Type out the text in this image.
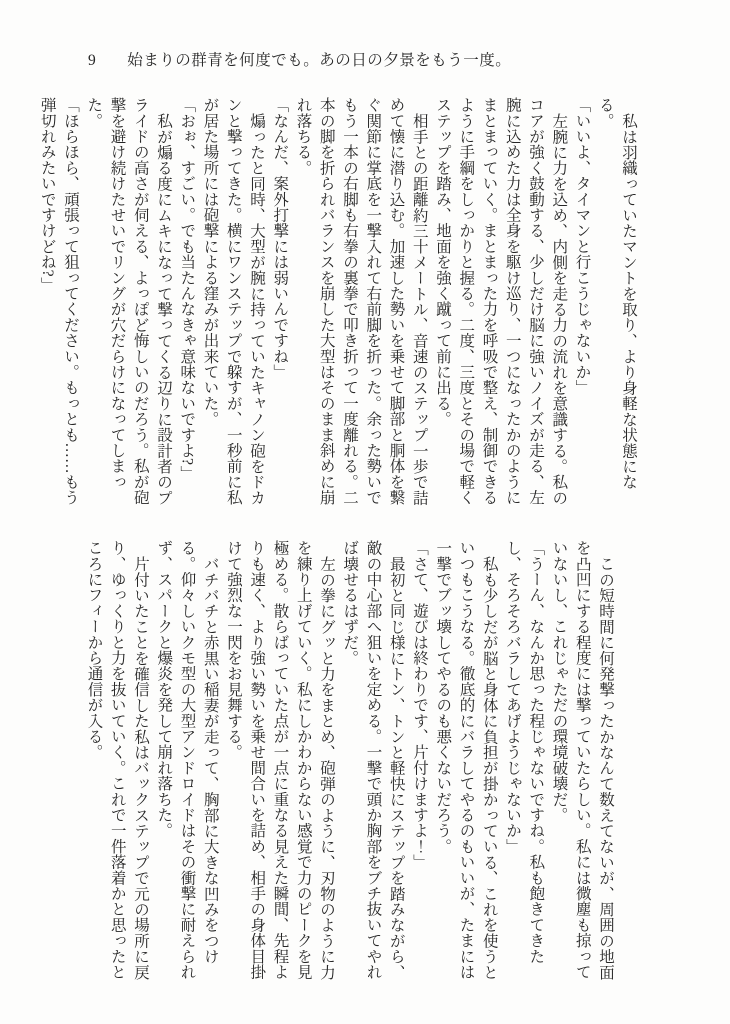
9 始まりの群青を何度でも。あの日の夕景をもう一度。

私は羽織っていたマントを取り、より身軽な状態になる。

「いいよ、タイマンと行こうじゃないか」

左腕に力を込め、内側を走る力の流れを意識する。私のコアが強く鼓動する、少しだけ脳に強いノイズが走る、左腕に込めた力は全身を駆け巡り、一つになったかのようにまとまっていく。まとまった力を呼吸で整え、制御できるように手綱をしっかりと握る。二度、三度とその場で軽くステップを踏み、地面を強く蹴って前に出る。

相手との距離約三十メートル、音速のステップ一歩で詰めて懐に潜り込む。加速した勢いを乗せて脚部と胴体を繋ぐ関節に掌底を一撃入れて右前脚を折った。余った勢いでもう一本の右脚も右拳の裏拳で叩き折って一度離れる。二本の脚を折られバランスを崩した大型はそのまま斜めに崩れ落ちる。

「なんだ、案外打撃には弱いんですね」

煽ったと同時、大型が腕に持っていたキャノン砲をドカンと撃ってきた。横にワンステップで躱すが、一秒前に私が居た場所には砲撃による窪みが出来ていた。

「おぉ、すごい。でも当たんなきゃ意味ないですよ?」

私が煽る度にムキになって撃ってくる辺りに設計者のプライドの高さが伺える、よっぽど悔しいのだろう。私が砲撃を避け続けたせいでリングが穴だらけになってしまった。

「ほらほら、頑張って狙ってください。もっとも……もう弾切れみたいですけどね?」

この短時間に何発撃ったかなんて数えてないが、周囲の地面を凸凹にする程度には撃っていたらしい。私には微塵も掠っていないし、これじゃただの環境破壊だ。

「うーん、なんか思った程じゃないですね。私も飽きてきたし、そろそろバラしてあげようじゃないか」

私も少しだが脳と身体に負担が掛かっている、これを使うといつもこうなる。徹底的にバラしてやるのもいいが、たまには一撃でブッ壊してやるのも悪くないだろう。

「さて、遊びは終わりです、片付けますよ！」

最初と同じ様にトン、トンと軽快にステップを踏みながら、敵の中心部へ狙いを定める。一撃で頭か胸部をブチ抜いてやれば壊せるはずだ。

左の拳にグッと力をまとめ、砲弾のように、刃物のように力を練り上げていく。私にしかわからない感覚で力のピークを見極める。散らばっていた点が一点に重なる見えた瞬間、先程よりも速く、より強い勢いを乗せ間合いを詰め、相手の身体目掛けて強烈な一閃をお見舞する。

バチバチと赤黒い稲妻が走って、胸部に大きな凹みをつける。仰々しいクモ型の大型アンドロイドはその衝撃に耐えられず、スパークと爆炎を発して崩れ落ちた。

片付いたことを確信した私はバックステップで元の場所に戻り、ゆっくりと力を抜いていく。これで一件落着かと思ったところにフィーから通信が入る。
